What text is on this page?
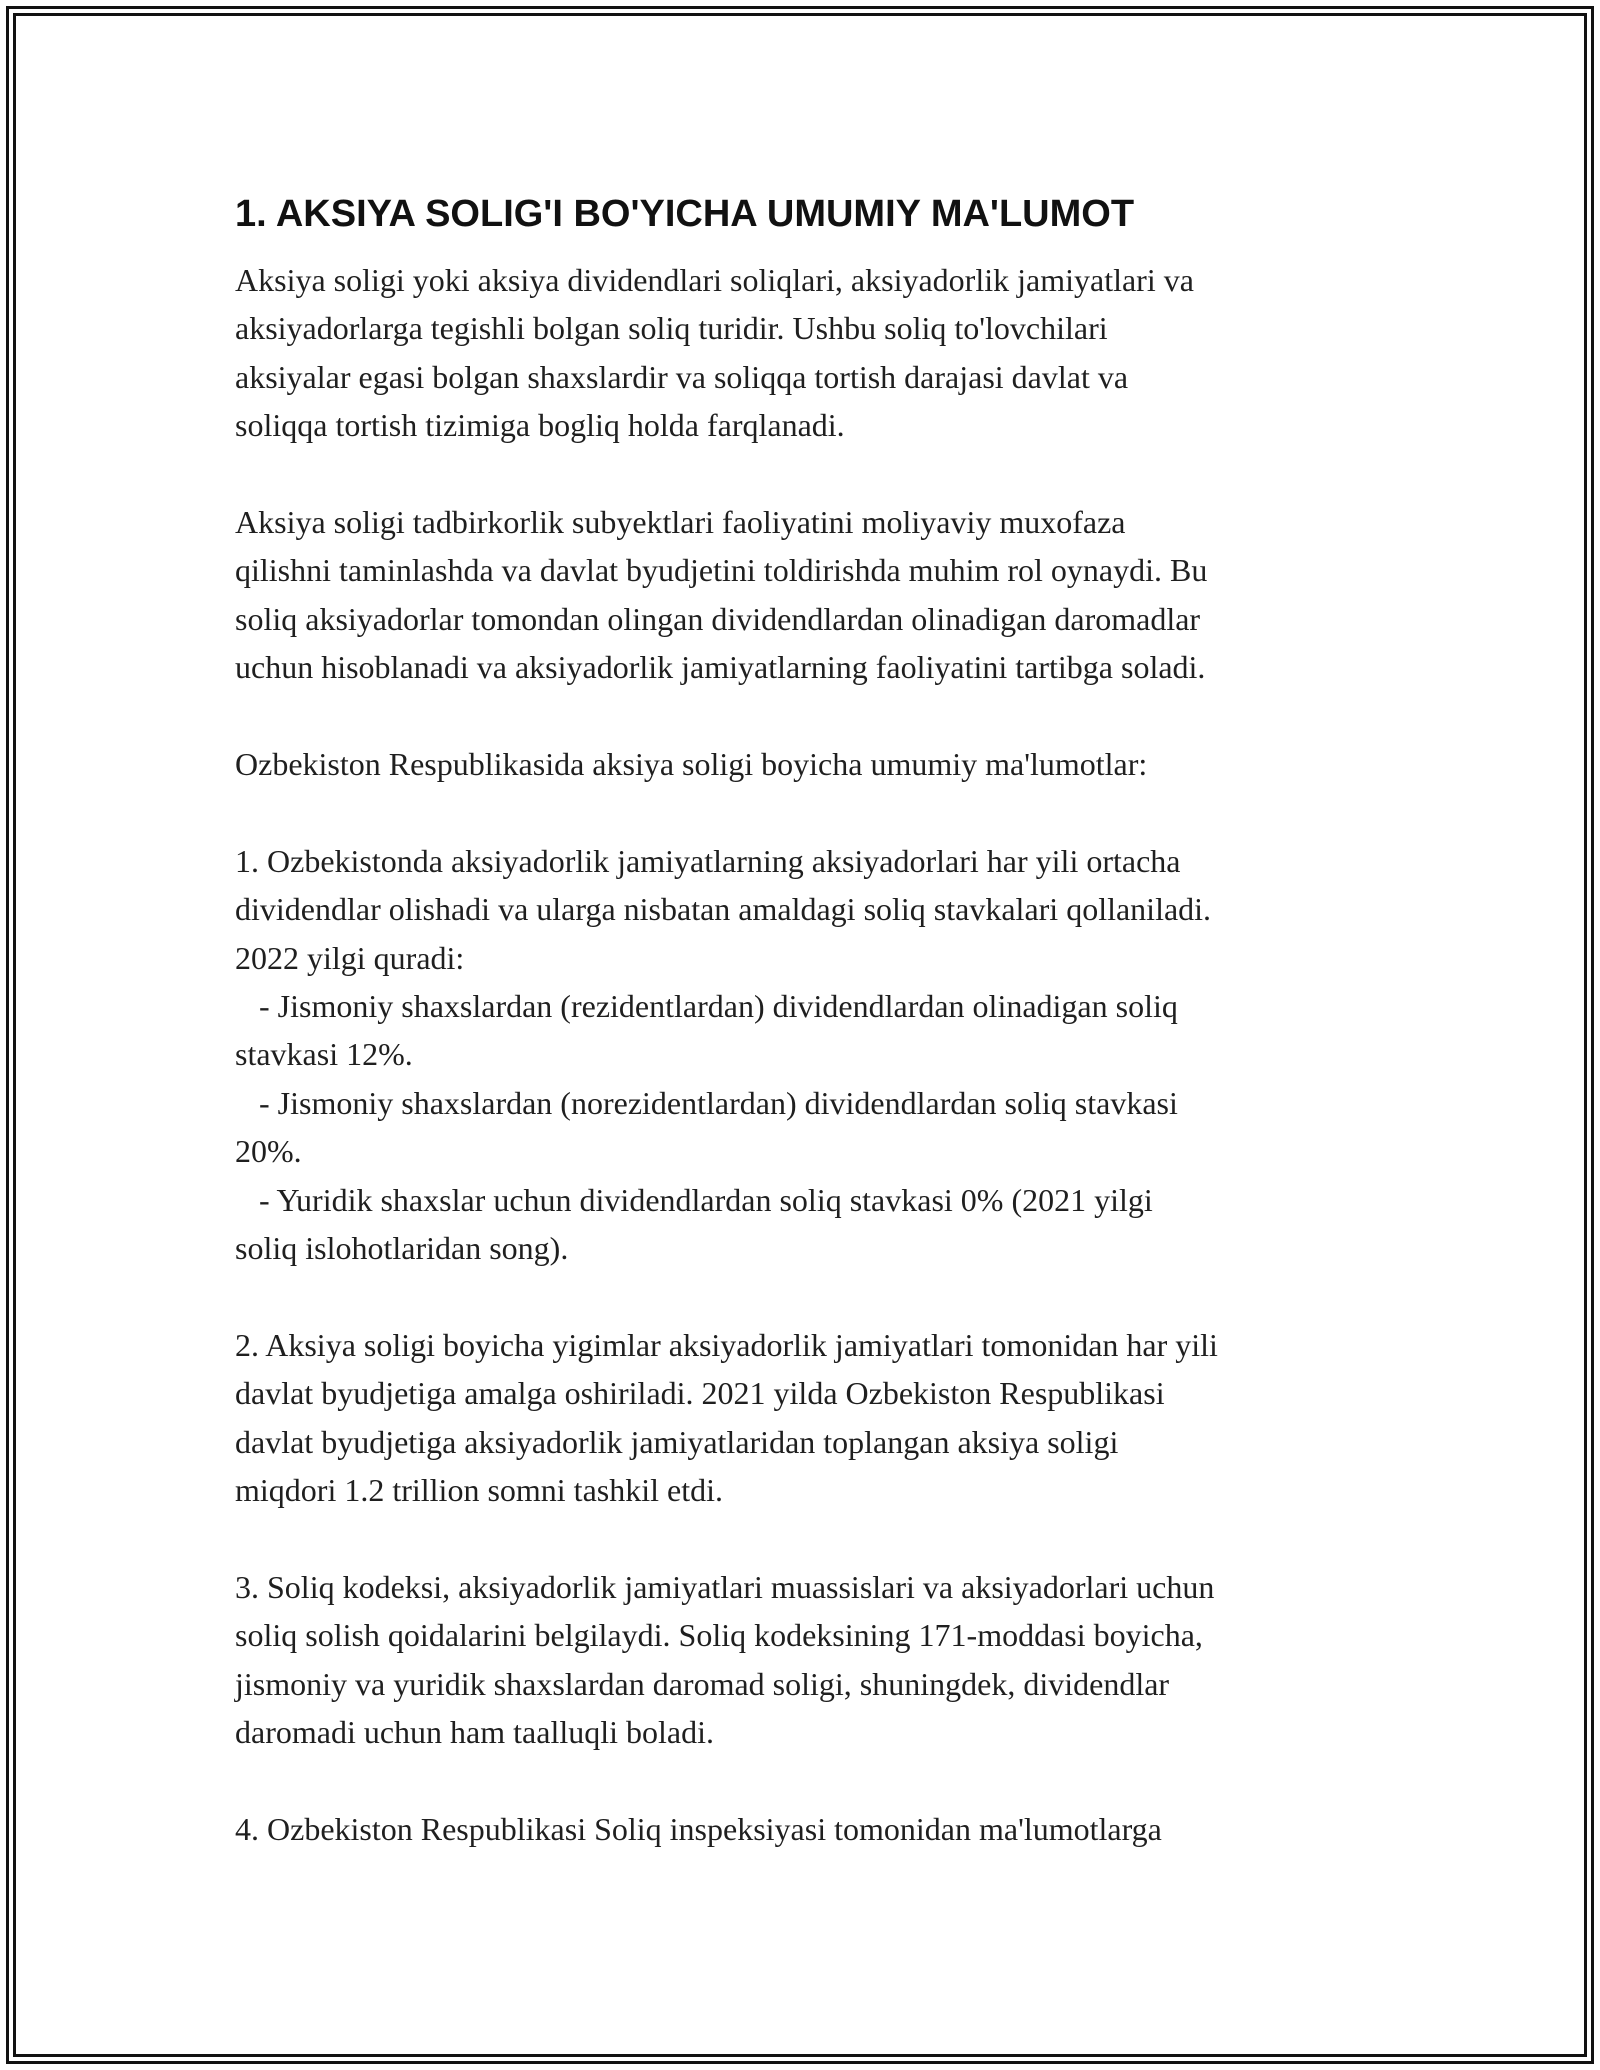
1. AKSIYA SOLIG'I BO'YICHA UMUMIY MA'LUMOT

Aksiya soligi yoki aksiya dividendlari soliqlari, aksiyadorlik jamiyatlari va
aksiyadorlarga tegishli bolgan soliq turidir. Ushbu soliq to'lovchilari
aksiyalar egasi bolgan shaxslardir va soliqqa tortish darajasi davlat va
soliqqa tortish tizimiga bogliq holda farqlanadi.

Aksiya soligi tadbirkorlik subyektlari faoliyatini moliyaviy muxofaza
qilishni taminlashda va davlat byudjetini toldirishda muhim rol oynaydi. Bu
soliq aksiyadorlar tomondan olingan dividendlardan olinadigan daromadlar
uchun hisoblanadi va aksiyadorlik jamiyatlarning faoliyatini tartibga soladi.

Ozbekiston Respublikasida aksiya soligi boyicha umumiy ma'lumotlar:

1. Ozbekistonda aksiyadorlik jamiyatlarning aksiyadorlari har yili ortacha
dividendlar olishadi va ularga nisbatan amaldagi soliq stavkalari qollaniladi.
2022 yilgi quradi:
- Jismoniy shaxslardan (rezidentlardan) dividendlardan olinadigan soliq
stavkasi 12%.
- Jismoniy shaxslardan (norezidentlardan) dividendlardan soliq stavkasi
20%.
- Yuridik shaxslar uchun dividendlardan soliq stavkasi 0% (2021 yilgi
soliq islohotlaridan song).

2. Aksiya soligi boyicha yigimlar aksiyadorlik jamiyatlari tomonidan har yili
davlat byudjetiga amalga oshiriladi. 2021 yilda Ozbekiston Respublikasi
davlat byudjetiga aksiyadorlik jamiyatlaridan toplangan aksiya soligi
miqdori 1.2 trillion somni tashkil etdi.

3. Soliq kodeksi, aksiyadorlik jamiyatlari muassislari va aksiyadorlari uchun
soliq solish qoidalarini belgilaydi. Soliq kodeksining 171-moddasi boyicha,
jismoniy va yuridik shaxslardan daromad soligi, shuningdek, dividendlar
daromadi uchun ham taalluqli boladi.

4. Ozbekiston Respublikasi Soliq inspeksiyasi tomonidan ma'lumotlarga
